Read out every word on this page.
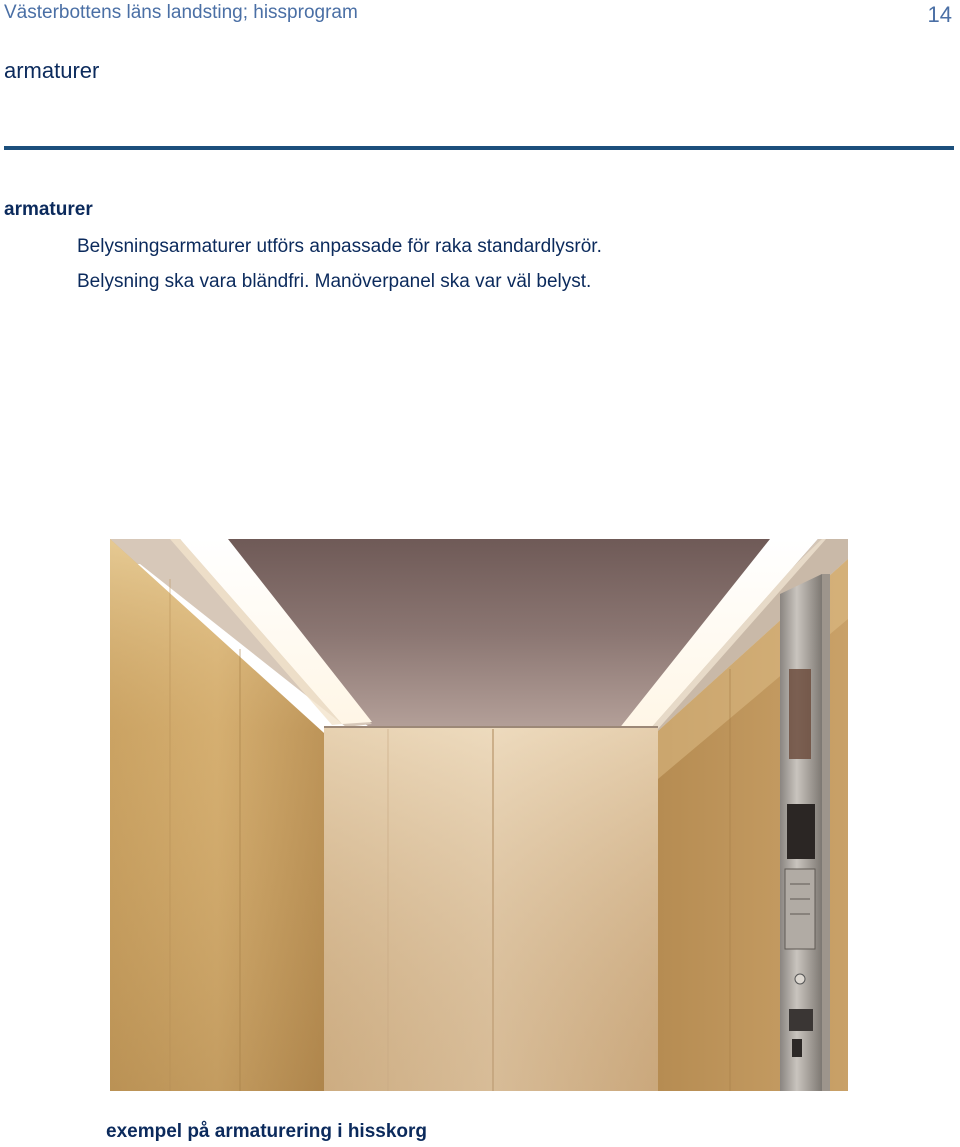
Västerbottens läns landsting; hissprogram	14
armaturer
armaturer
Belysningsarmaturer utförs anpassade för raka standardlysrör.
Belysning ska vara bländfri. Manöverpanel ska var väl belyst.
exempel på armaturering i hisskorg
